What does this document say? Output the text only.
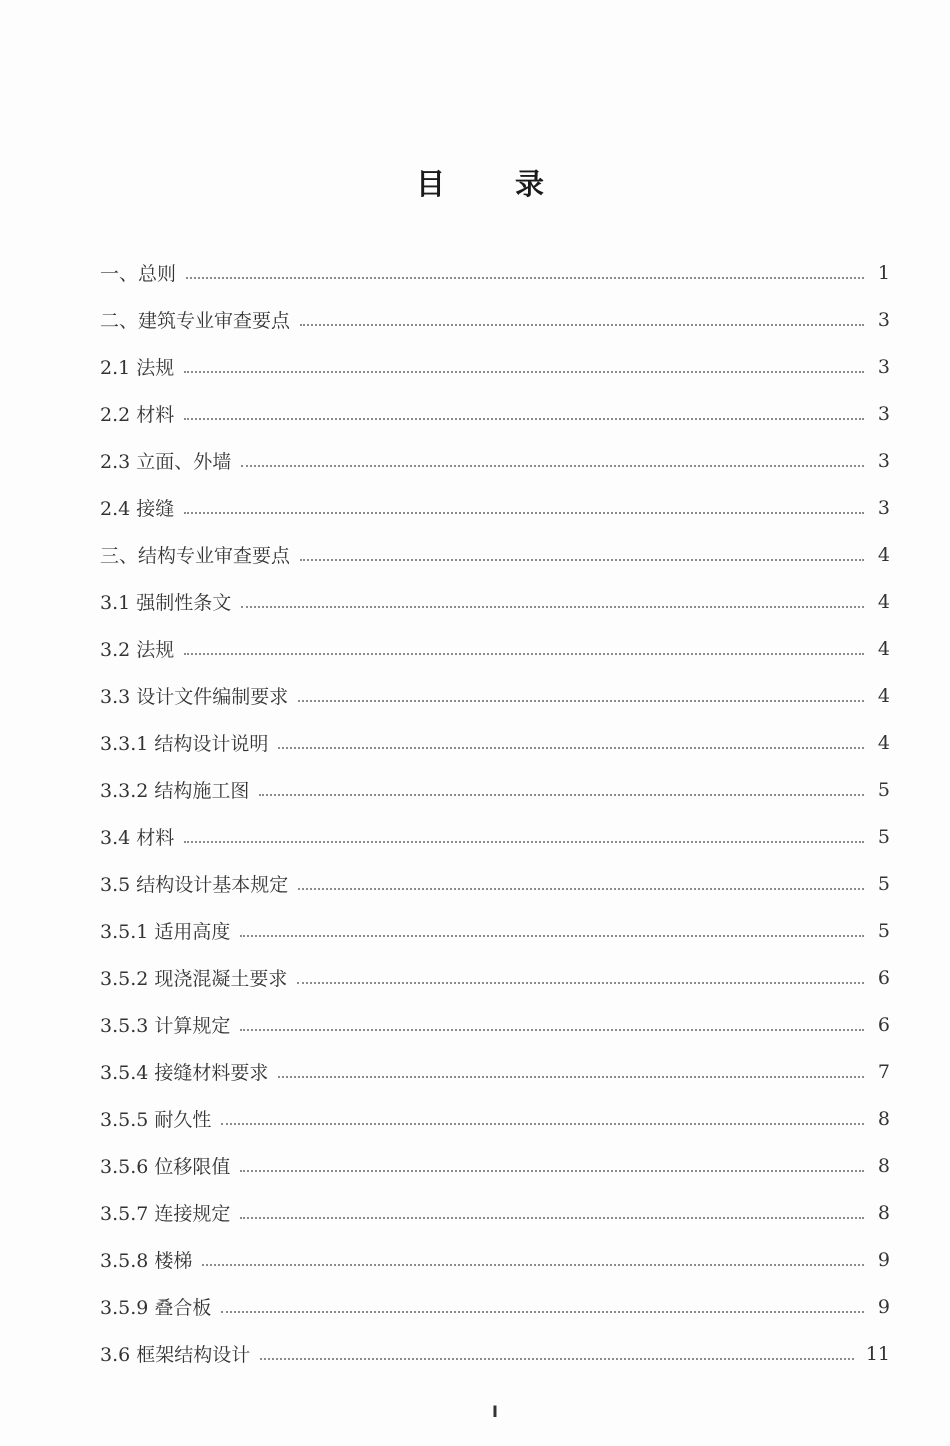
目 录
一、总则	1
二、建筑专业审查要点	3
2.1 法规	3
2.2 材料	3
2.3 立面、外墙	3
2.4 接缝	3
三、结构专业审查要点	4
3.1 强制性条文	4
3.2 法规	4
3.3 设计文件编制要求	4
3.3.1 结构设计说明	4
3.3.2 结构施工图	5
3.4 材料	5
3.5 结构设计基本规定	5
3.5.1 适用高度	5
3.5.2 现浇混凝土要求	6
3.5.3 计算规定	6
3.5.4 接缝材料要求	7
3.5.5 耐久性	8
3.5.6 位移限值	8
3.5.7 连接规定	8
3.5.8 楼梯	9
3.5.9 叠合板	9
3.6 框架结构设计	11
I
